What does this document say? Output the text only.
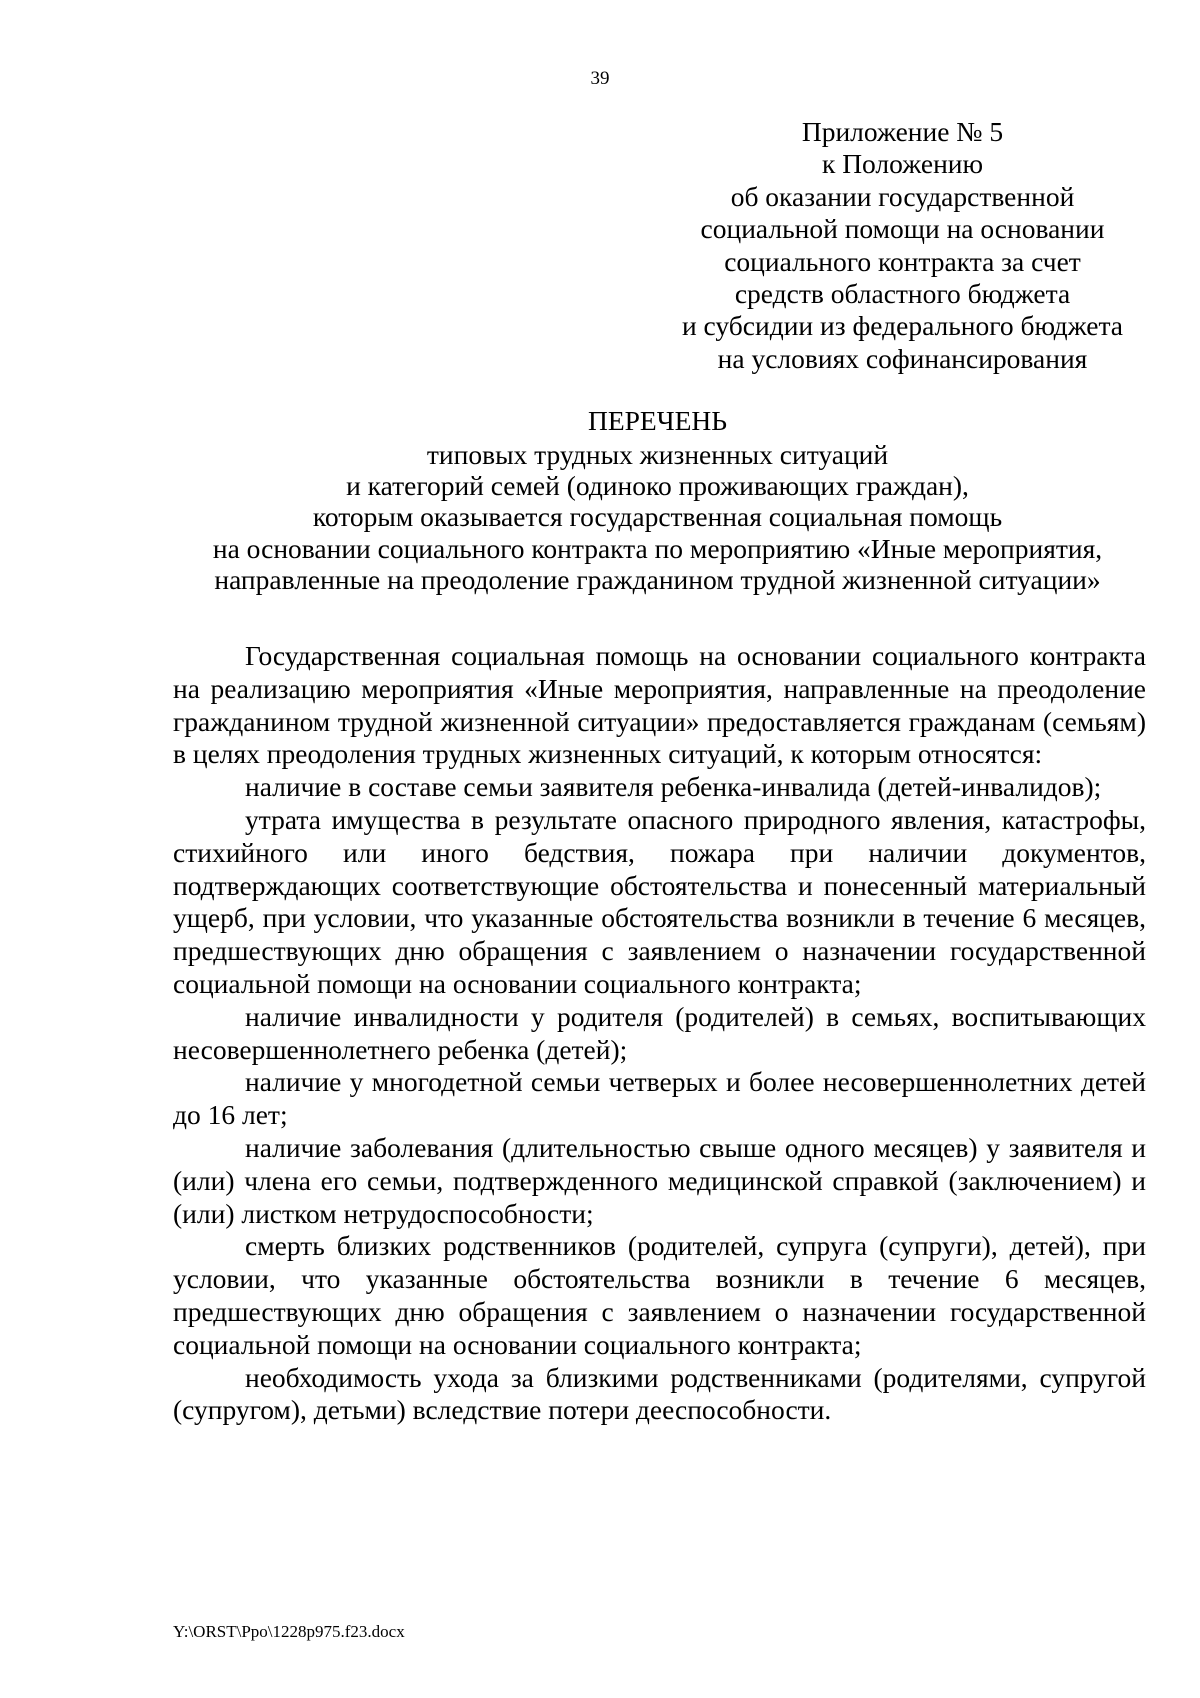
39
Приложение № 5
к Положению
об оказании государственной
социальной помощи на основании
социального контракта за счет
средств областного бюджета
и субсидии из федерального бюджета
на условиях софинансирования
ПЕРЕЧЕНЬ
типовых трудных жизненных ситуаций
и категорий семей (одиноко проживающих граждан),
которым оказывается государственная социальная помощь
на основании социального контракта по мероприятию «Иные мероприятия,
направленные на преодоление гражданином трудной жизненной ситуации»

Государственная социальная помощь на основании социального контракта на реализацию мероприятия «Иные мероприятия, направленные на преодоление гражданином трудной жизненной ситуации» предоставляется гражданам (семьям) в целях преодоления трудных жизненных ситуаций, к которым относятся:

наличие в составе семьи заявителя ребенка-инвалида (детей-инвалидов);

утрата имущества в результате опасного природного явления, катастрофы, стихийного или иного бедствия, пожара при наличии документов, подтверждающих соответствующие обстоятельства и понесенный материальный ущерб, при условии, что указанные обстоятельства возникли в течение 6 месяцев, предшествующих дню обращения с заявлением о назначении государственной социальной помощи на основании социального контракта;

наличие инвалидности у родителя (родителей) в семьях, воспитывающих несовершеннолетнего ребенка (детей);

наличие у многодетной семьи четверых и более несовершеннолетних детей до 16 лет;

наличие заболевания (длительностью свыше одного месяцев) у заявителя и (или) члена его семьи, подтвержденного медицинской справкой (заключением) и (или) листком нетрудоспособности;

смерть близких родственников (родителей, супруга (супруги), детей), при условии, что указанные обстоятельства возникли в течение 6 месяцев, предшествующих дню обращения с заявлением о назначении государственной социальной помощи на основании социального контракта;

необходимость ухода за близкими родственниками (родителями, супругой (супругом), детьми) вследствие потери дееспособности.

Y:\ORST\Ppo\1228p975.f23.docx
